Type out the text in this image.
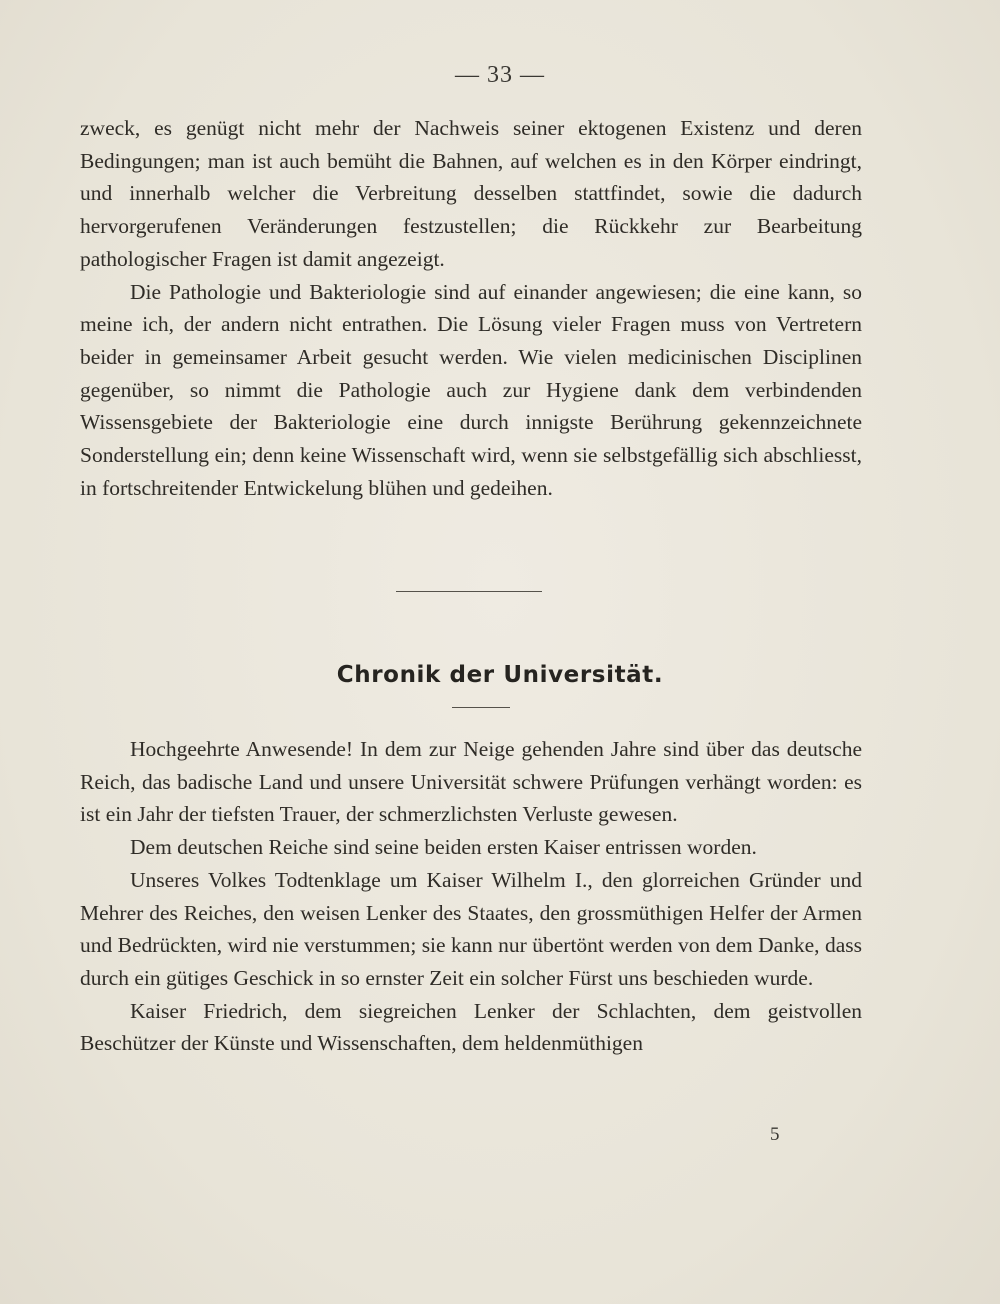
— 33 —

zweck, es genügt nicht mehr der Nachweis seiner ektogenen Existenz und deren Bedingungen; man ist auch bemüht die Bahnen, auf welchen es in den Körper eindringt, und innerhalb welcher die Verbreitung desselben stattfindet, sowie die dadurch hervorgerufenen Veränderungen festzustellen; die Rückkehr zur Bearbeitung pathologischer Fragen ist damit angezeigt.

Die Pathologie und Bakteriologie sind auf einander angewiesen; die eine kann, so meine ich, der andern nicht entrathen. Die Lösung vieler Fragen muss von Vertretern beider in gemeinsamer Arbeit gesucht werden. Wie vielen medicinischen Disciplinen gegenüber, so nimmt die Pathologie auch zur Hygiene dank dem verbindenden Wissensgebiete der Bakteriologie eine durch innigste Berührung gekennzeichnete Sonderstellung ein; denn keine Wissenschaft wird, wenn sie selbstgefällig sich abschliesst, in fortschreitender Entwickelung blühen und gedeihen.

Chronik der Universität.

Hochgeehrte Anwesende! In dem zur Neige gehenden Jahre sind über das deutsche Reich, das badische Land und unsere Universität schwere Prüfungen verhängt worden: es ist ein Jahr der tiefsten Trauer, der schmerzlichsten Verluste gewesen.

Dem deutschen Reiche sind seine beiden ersten Kaiser entrissen worden.

Unseres Volkes Todtenklage um Kaiser Wilhelm I., den glorreichen Gründer und Mehrer des Reiches, den weisen Lenker des Staates, den grossmüthigen Helfer der Armen und Bedrückten, wird nie verstummen; sie kann nur übertönt werden von dem Danke, dass durch ein gütiges Geschick in so ernster Zeit ein solcher Fürst uns beschieden wurde.

Kaiser Friedrich, dem siegreichen Lenker der Schlachten, dem geistvollen Beschützer der Künste und Wissenschaften, dem heldenmüthigen

5
